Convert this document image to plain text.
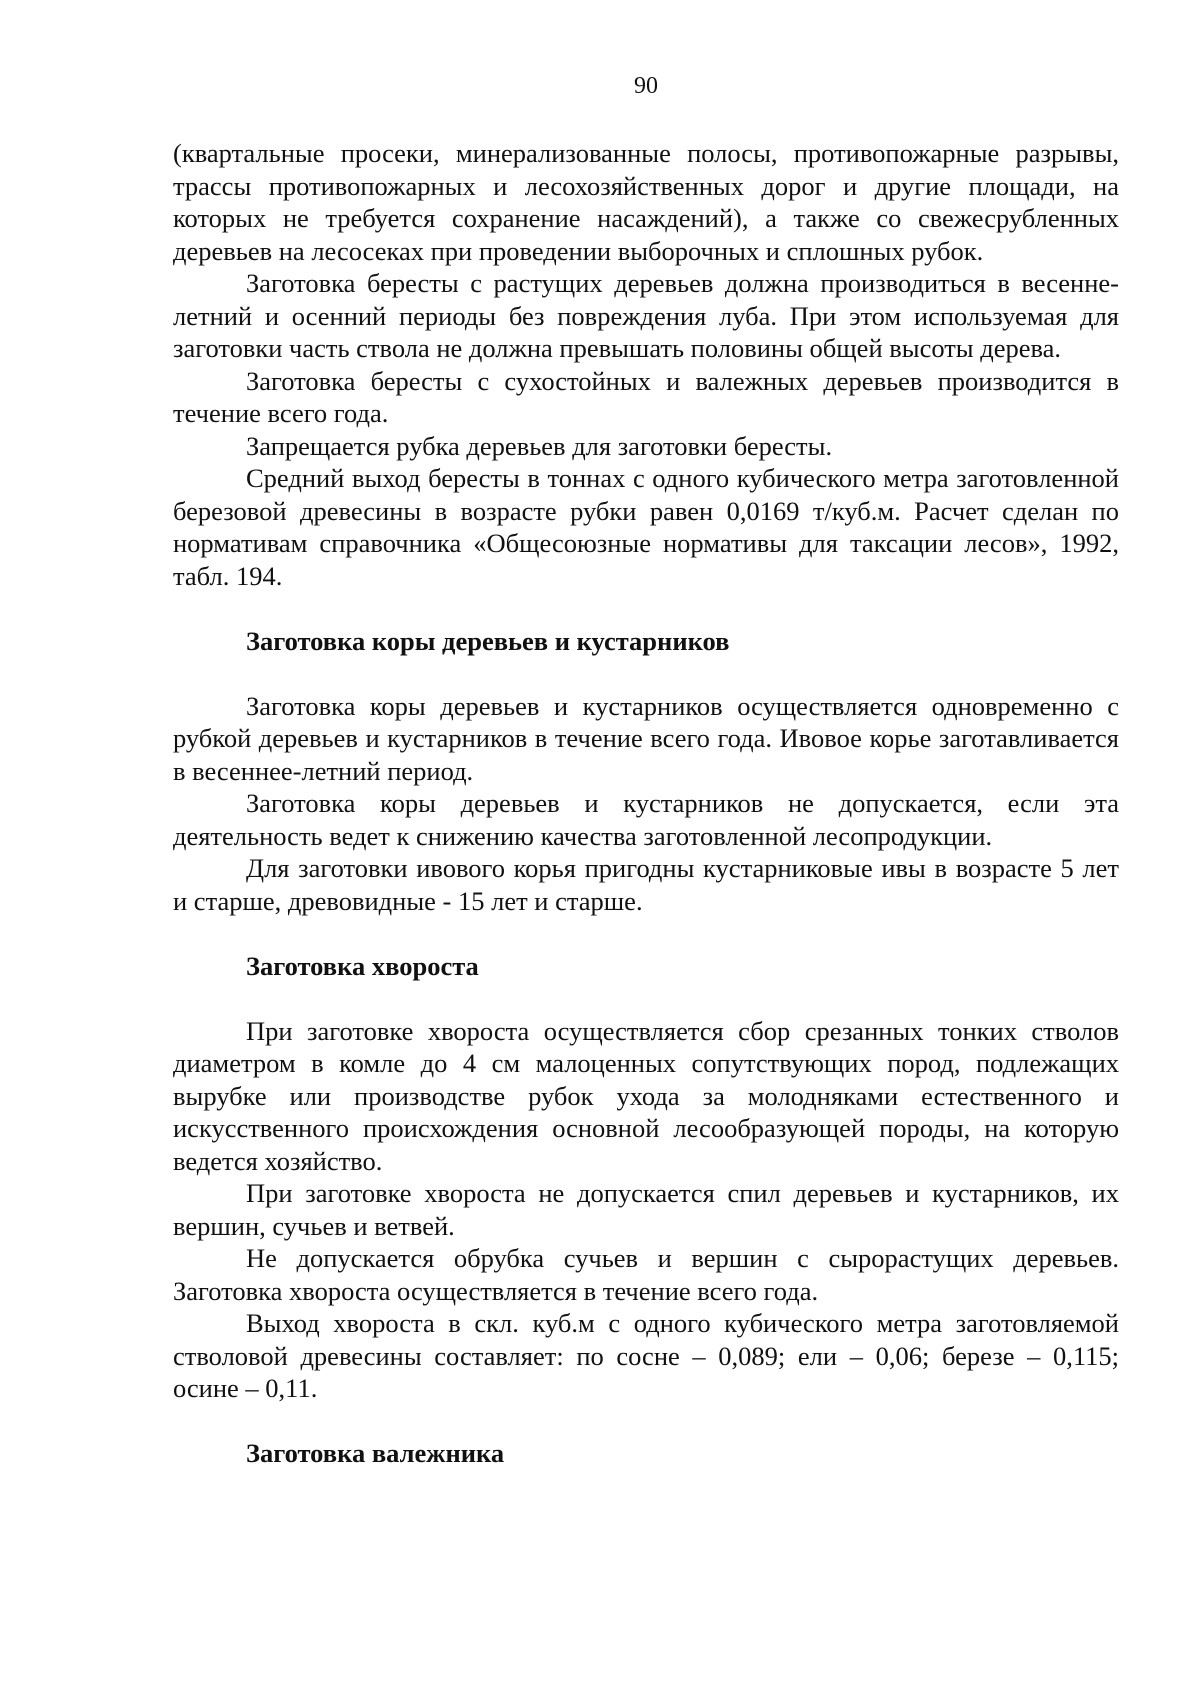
90

(квартальные просеки, минерализованные полосы, противопожарные разрывы, трассы противопожарных и лесохозяйственных дорог и другие площади, на которых не требуется сохранение насаждений), а также со свежесрубленных деревьев на лесосеках при проведении выборочных и сплошных рубок.

Заготовка бересты с растущих деревьев должна производиться в весенне-летний и осенний периоды без повреждения луба. При этом используемая для заготовки часть ствола не должна превышать половины общей высоты дерева.

Заготовка бересты с сухостойных и валежных деревьев производится в течение всего года.

Запрещается рубка деревьев для заготовки бересты.

Средний выход бересты в тоннах с одного кубического метра заготовленной березовой древесины в возрасте рубки равен 0,0169 т/куб.м. Расчет сделан по нормативам справочника «Общесоюзные нормативы для таксации лесов», 1992, табл. 194.

Заготовка коры деревьев и кустарников

Заготовка коры деревьев и кустарников осуществляется одновременно с рубкой деревьев и кустарников в течение всего года. Ивовое корье заготавливается в весеннее-летний период.

Заготовка коры деревьев и кустарников не допускается, если эта деятельность ведет к снижению качества заготовленной лесопродукции.

Для заготовки ивового корья пригодны кустарниковые ивы в возрасте 5 лет и старше, древовидные - 15 лет и старше.

Заготовка хвороста

При заготовке хвороста осуществляется сбор срезанных тонких стволов диаметром в комле до 4 см малоценных сопутствующих пород, подлежащих вырубке или производстве рубок ухода за молодняками естественного и искусственного происхождения основной лесообразующей породы, на которую ведется хозяйство.

При заготовке хвороста не допускается спил деревьев и кустарников, их вершин, сучьев и ветвей.

Не допускается обрубка сучьев и вершин с сырорастущих деревьев. Заготовка хвороста осуществляется в течение всего года.

Выход хвороста в скл. куб.м с одного кубического метра заготовляемой стволовой древесины составляет: по сосне – 0,089; ели – 0,06; березе – 0,115; осине – 0,11.

Заготовка валежника
